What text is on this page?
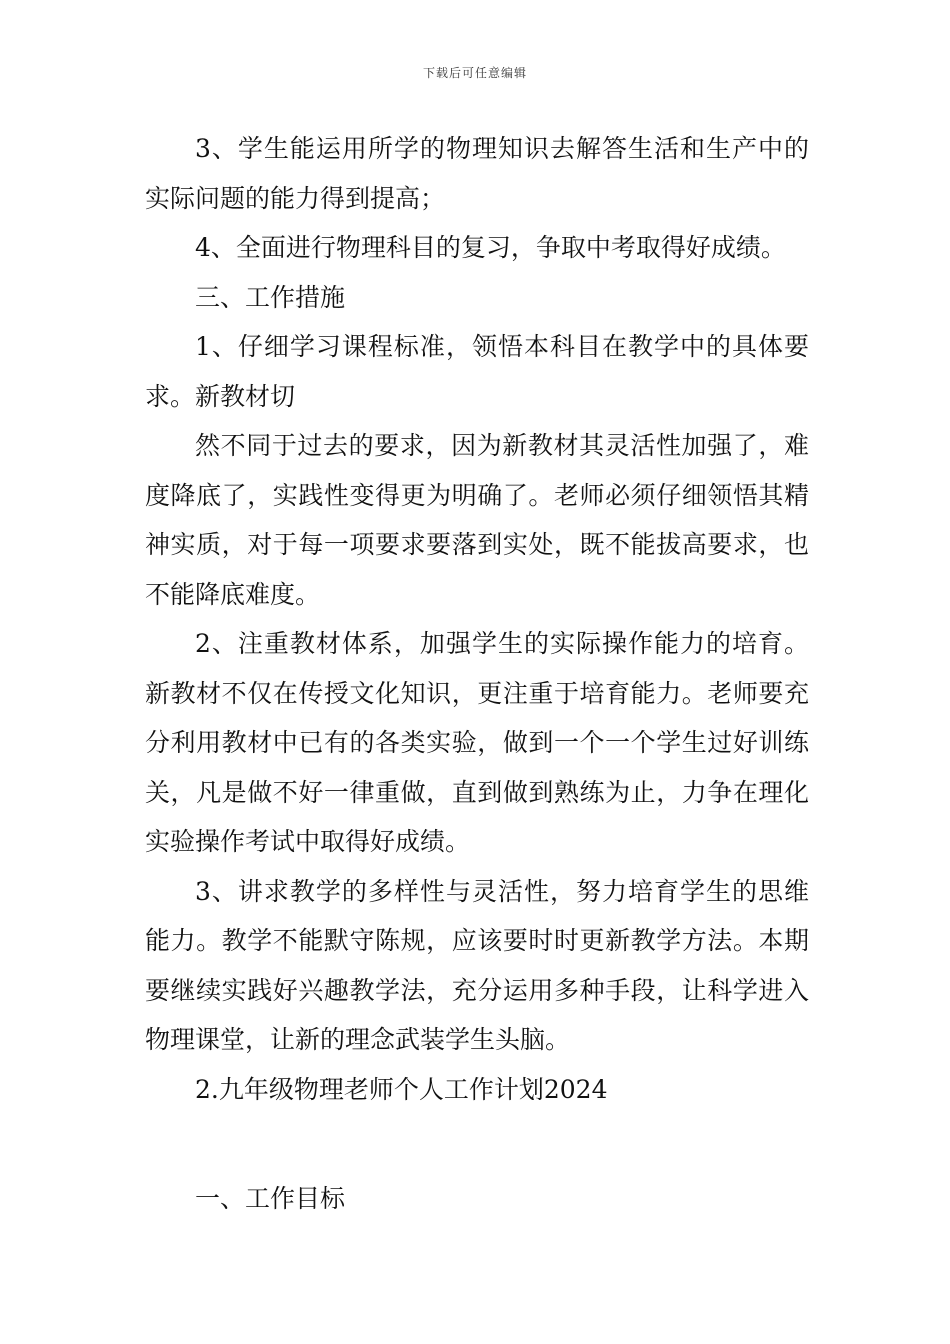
下载后可任意编辑

3、学生能运用所学的物理知识去解答生活和生产中的实际问题的能力得到提高；

4、全面进行物理科目的复习，争取中考取得好成绩。

三、工作措施

1、仔细学习课程标准，领悟本科目在教学中的具体要求。新教材切

然不同于过去的要求，因为新教材其灵活性加强了，难度降底了，实践性变得更为明确了。老师必须仔细领悟其精神实质，对于每一项要求要落到实处，既不能拔高要求，也不能降底难度。

2、注重教材体系，加强学生的实际操作能力的培育。新教材不仅在传授文化知识，更注重于培育能力。老师要充分利用教材中已有的各类实验，做到一个一个学生过好训练关，凡是做不好一律重做，直到做到熟练为止，力争在理化实验操作考试中取得好成绩。

3、讲求教学的多样性与灵活性，努力培育学生的思维能力。教学不能默守陈规，应该要时时更新教学方法。本期要继续实践好兴趣教学法，充分运用多种手段，让科学进入物理课堂，让新的理念武装学生头脑。

2.九年级物理老师个人工作计划2024

一、工作目标
